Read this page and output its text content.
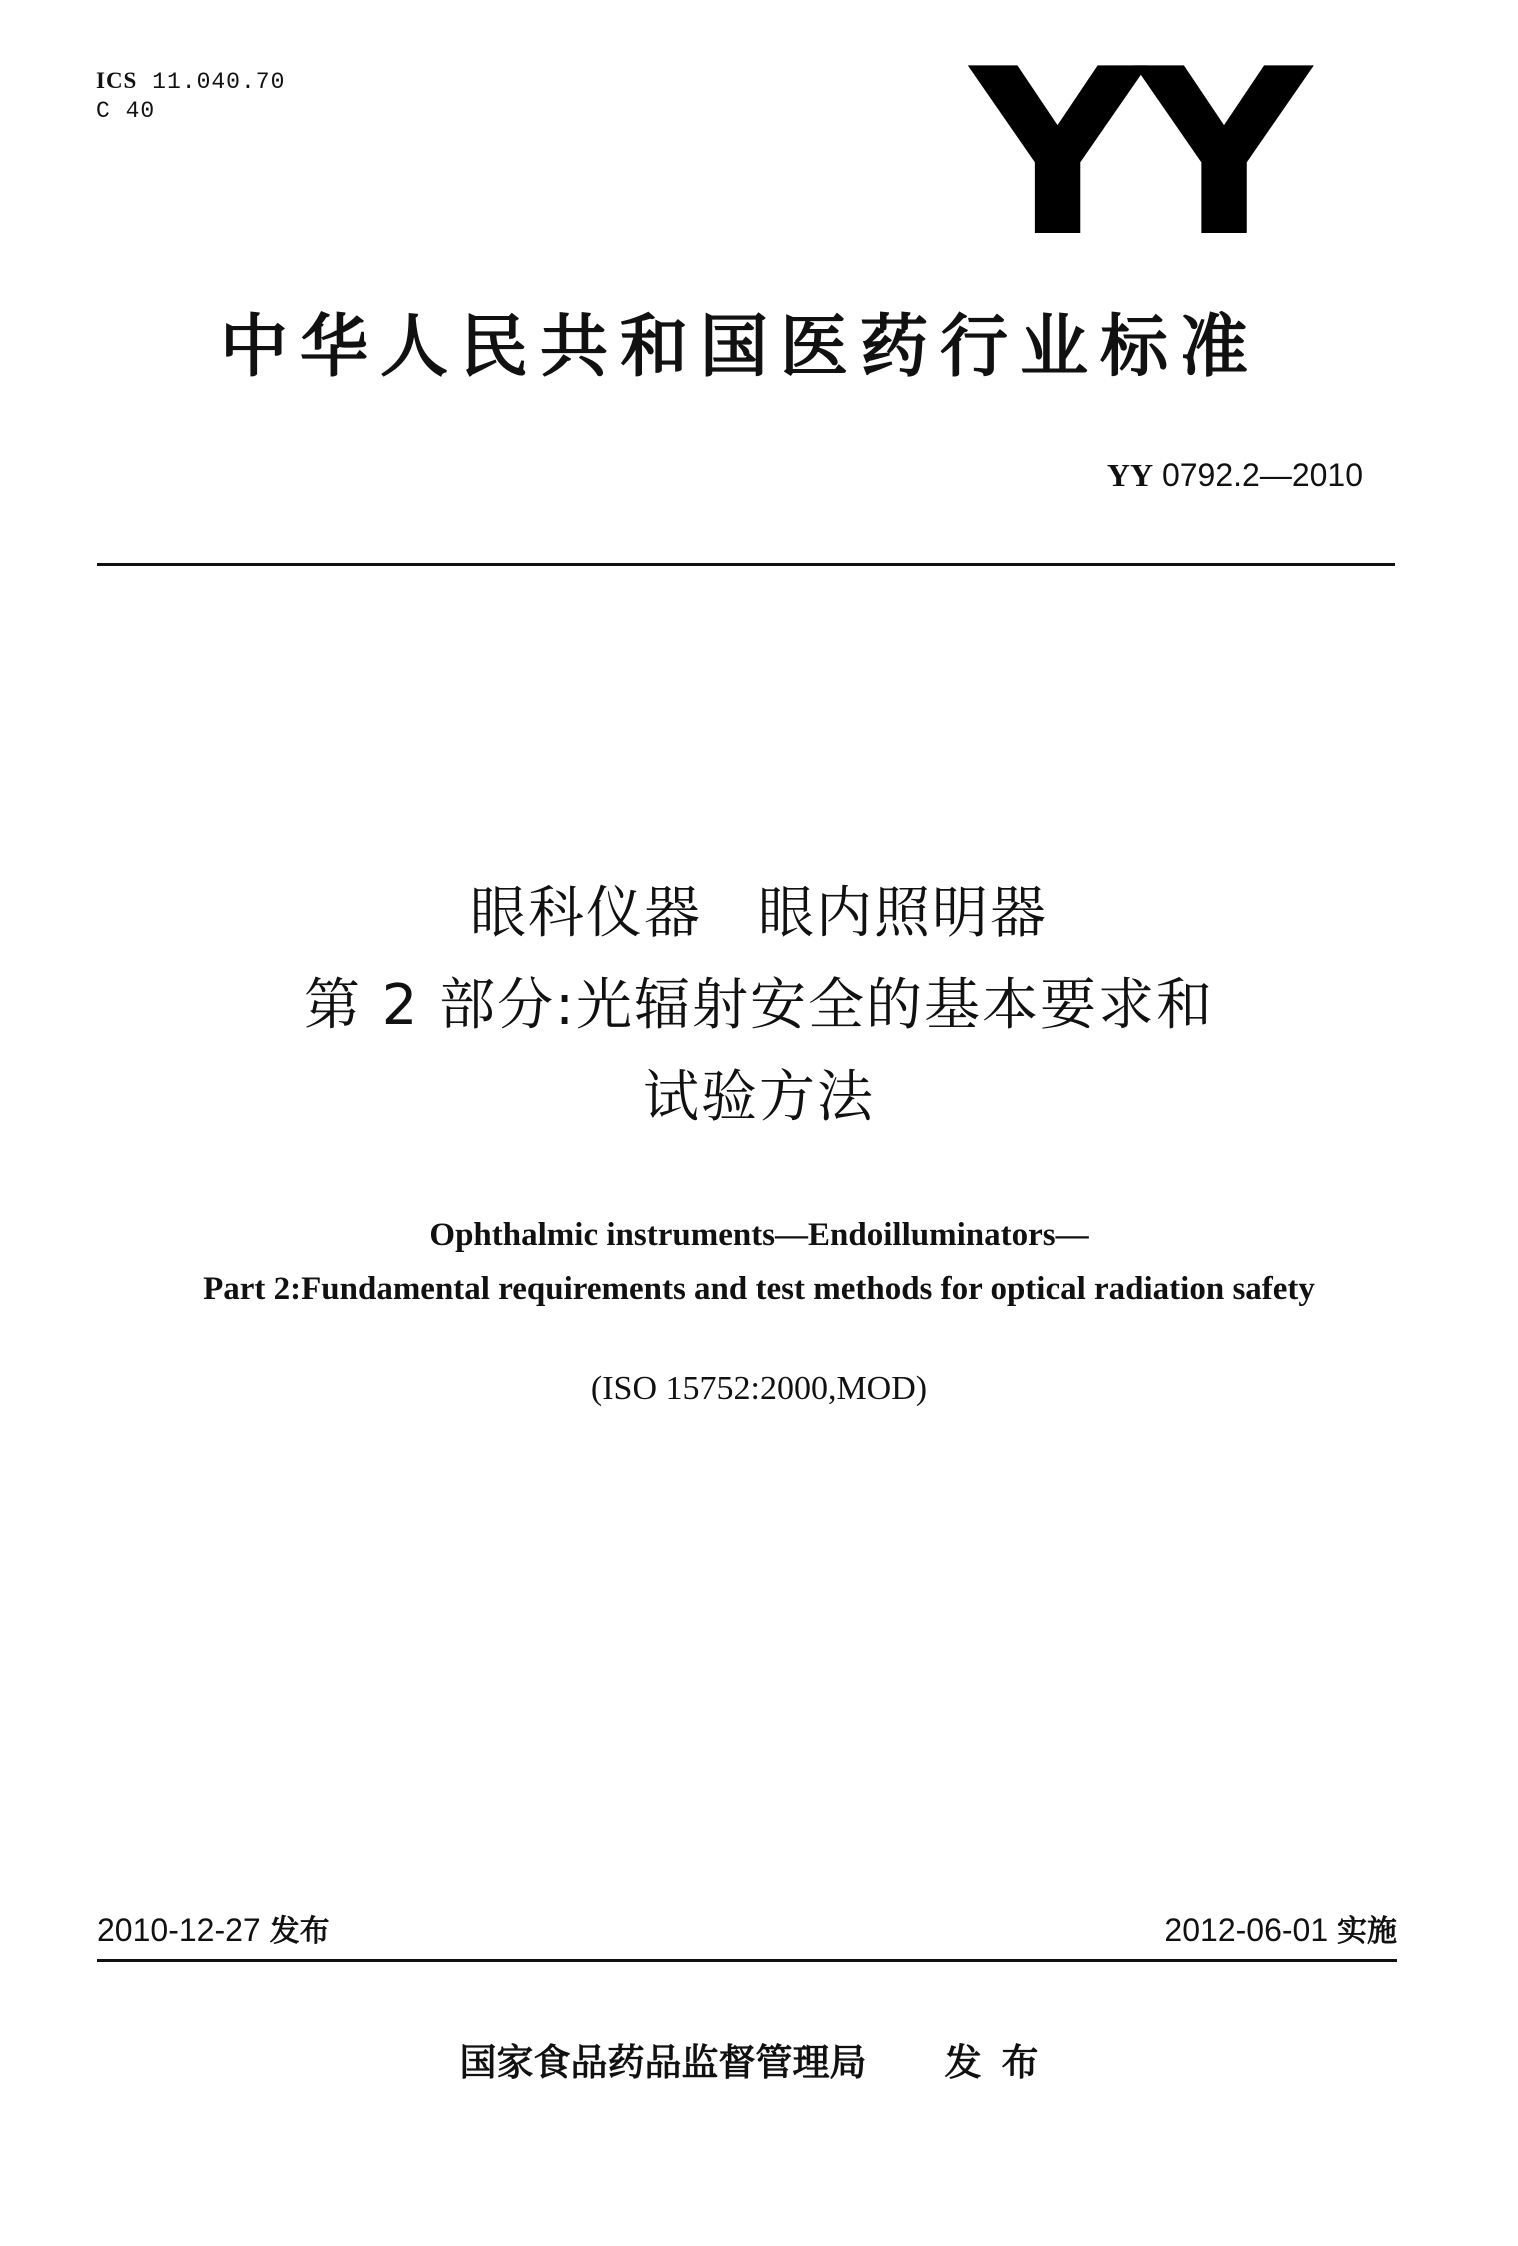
ICS 11.040.70
C 40	YY
中华人民共和国医药行业标准
YY 0792.2—2010
眼科仪器 眼内照明器
第 2 部分:光辐射安全的基本要求和
试验方法
Ophthalmic instruments—Endoilluminators—
Part 2:Fundamental requirements and test methods for optical radiation safety
(ISO 15752:2000,MOD)
2010-12-27 发布	2012-06-01 实施
国家食品药品监督管理局 发布
